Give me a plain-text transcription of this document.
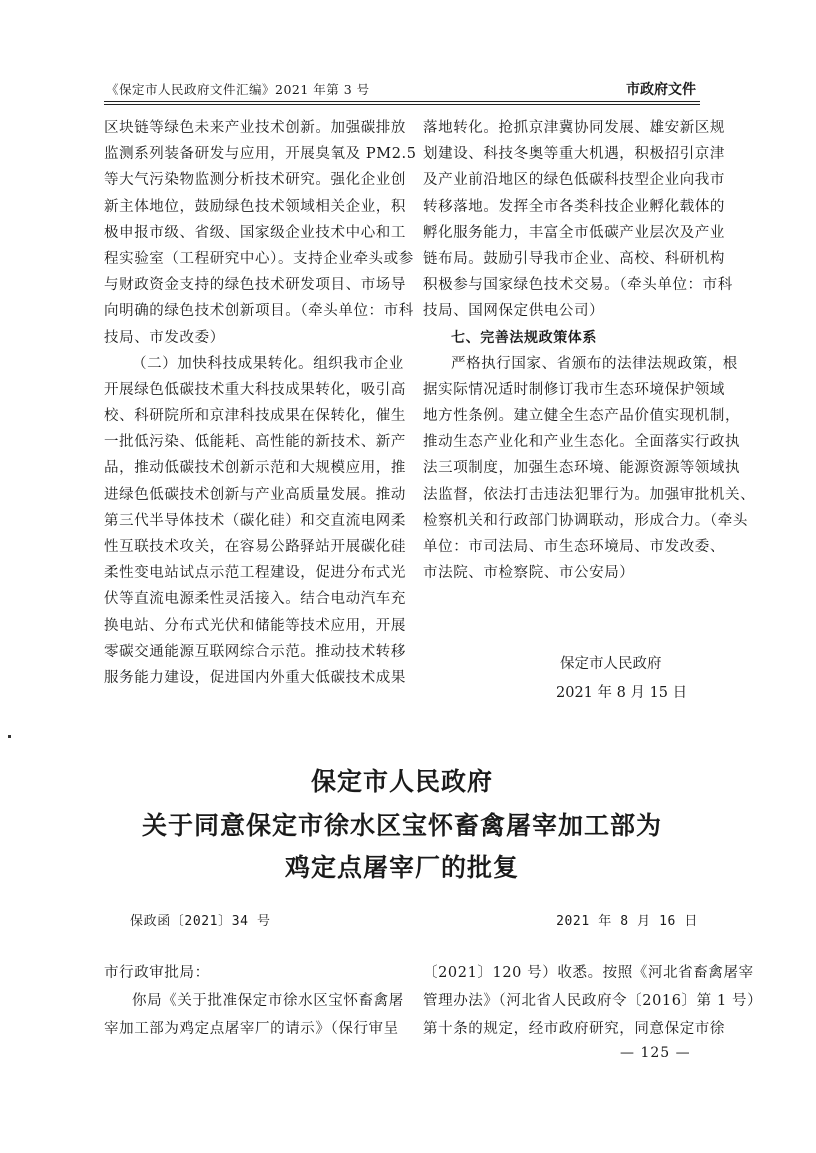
《保定市人民政府文件汇编》2021 年第 3 号	市政府文件
区块链等绿色未来产业技术创新。加强碳排放
监测系列装备研发与应用，开展臭氧及 PM2.5
等大气污染物监测分析技术研究。强化企业创
新主体地位，鼓励绿色技术领域相关企业，积
极申报市级、省级、国家级企业技术中心和工
程实验室（工程研究中心）。支持企业牵头或参
与财政资金支持的绿色技术研发项目、市场导
向明确的绿色技术创新项目。（牵头单位：市科
技局、市发改委）
（二）加快科技成果转化。组织我市企业
开展绿色低碳技术重大科技成果转化，吸引高
校、科研院所和京津科技成果在保转化，催生
一批低污染、低能耗、高性能的新技术、新产
品，推动低碳技术创新示范和大规模应用，推
进绿色低碳技术创新与产业高质量发展。推动
第三代半导体技术（碳化硅）和交直流电网柔
性互联技术攻关，在容易公路驿站开展碳化硅
柔性变电站试点示范工程建设，促进分布式光
伏等直流电源柔性灵活接入。结合电动汽车充
换电站、分布式光伏和储能等技术应用，开展
零碳交通能源互联网综合示范。推动技术转移
服务能力建设，促进国内外重大低碳技术成果
落地转化。抢抓京津冀协同发展、雄安新区规
划建设、科技冬奥等重大机遇，积极招引京津
及产业前沿地区的绿色低碳科技型企业向我市
转移落地。发挥全市各类科技企业孵化载体的
孵化服务能力，丰富全市低碳产业层次及产业
链布局。鼓励引导我市企业、高校、科研机构
积极参与国家绿色技术交易。（牵头单位：市科
技局、国网保定供电公司）
七、完善法规政策体系
严格执行国家、省颁布的法律法规政策，根
据实际情况适时制修订我市生态环境保护领域
地方性条例。建立健全生态产品价值实现机制，
推动生态产业化和产业生态化。全面落实行政执
法三项制度，加强生态环境、能源资源等领域执
法监督，依法打击违法犯罪行为。加强审批机关、
检察机关和行政部门协调联动，形成合力。（牵头
单位：市司法局、市生态环境局、市发改委、
市法院、市检察院、市公安局）
保定市人民政府
2021 年 8 月 15 日
保定市人民政府
关于同意保定市徐水区宝怀畜禽屠宰加工部为
鸡定点屠宰厂的批复
保政函〔2021〕34 号	2021 年 8 月 16 日
市行政审批局：
你局《关于批准保定市徐水区宝怀畜禽屠
宰加工部为鸡定点屠宰厂的请示》（保行审呈
〔2021〕120 号）收悉。按照《河北省畜禽屠宰
管理办法》（河北省人民政府令〔2016〕第 1 号）
第十条的规定，经市政府研究，同意保定市徐
— 125 —
